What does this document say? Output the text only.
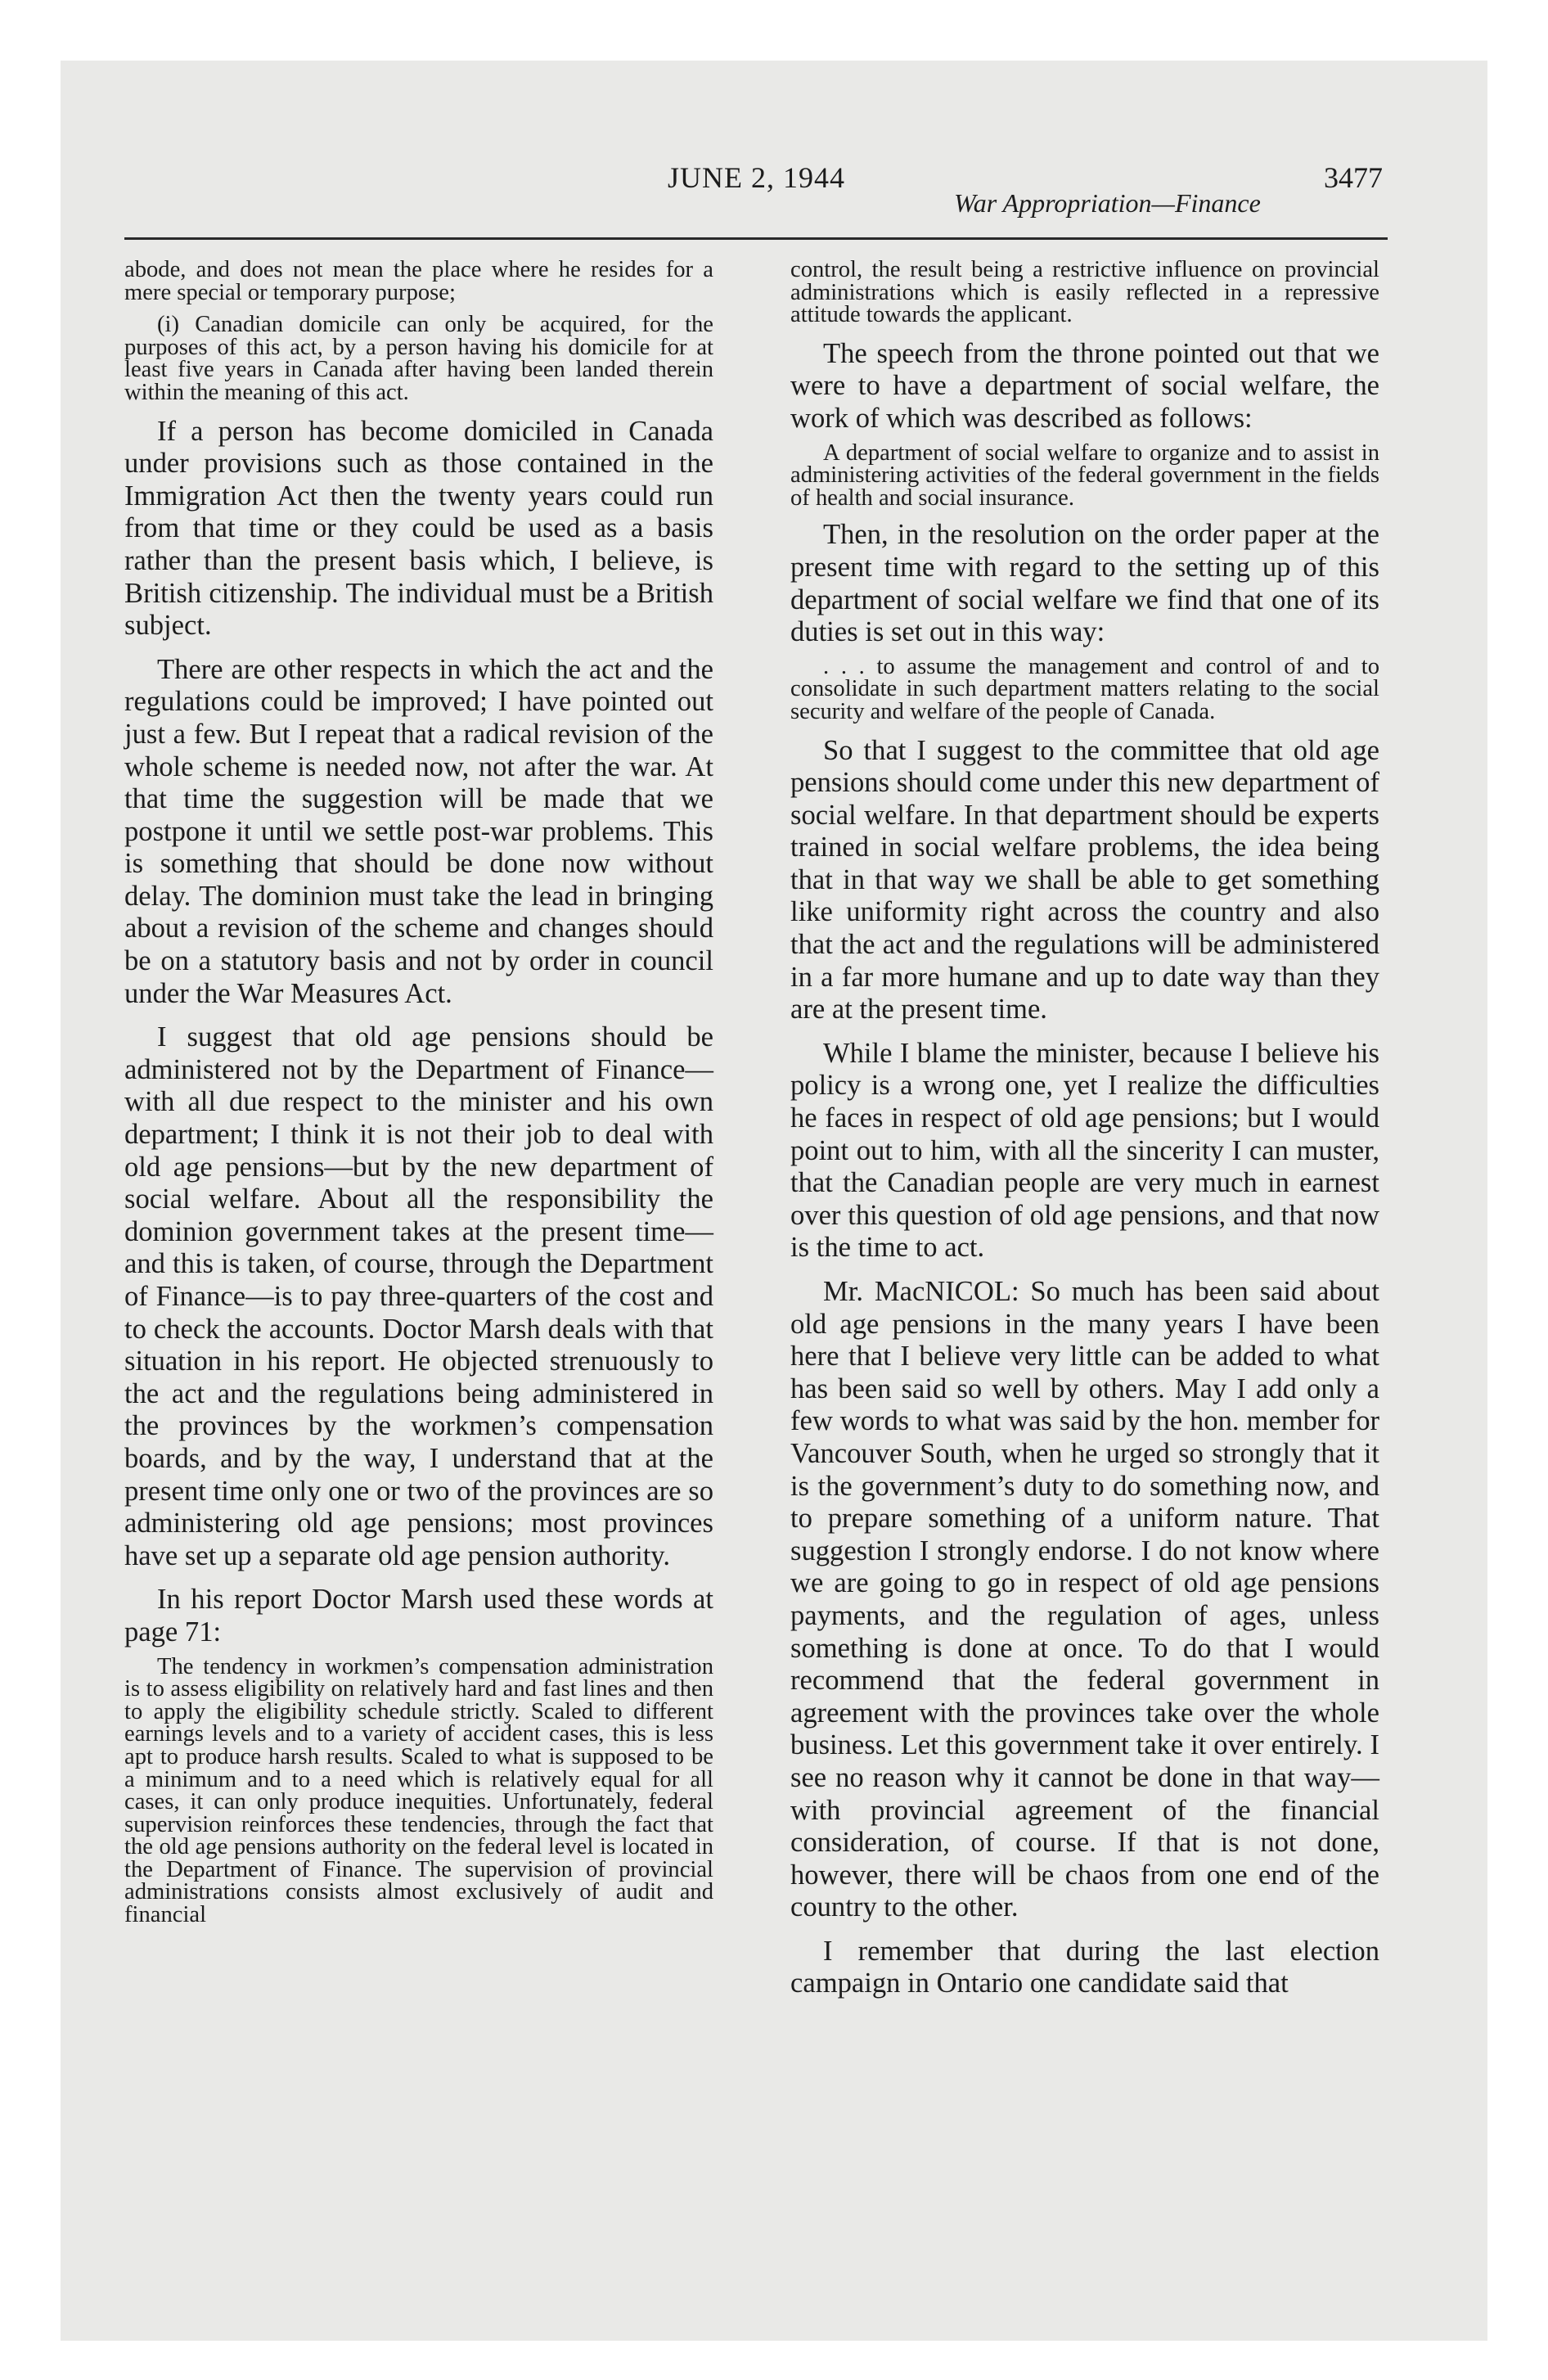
JUNE 2, 1944	3477
War Appropriation—Finance

abode, and does not mean the place where he resides for a mere special or temporary purpose;

(i) Canadian domicile can only be acquired, for the purposes of this act, by a person having his domicile for at least five years in Canada after having been landed therein within the meaning of this act.

If a person has become domiciled in Canada under provisions such as those contained in the Immigration Act then the twenty years could run from that time or they could be used as a basis rather than the present basis which, I believe, is British citizenship. The individual must be a British subject.

There are other respects in which the act and the regulations could be improved; I have pointed out just a few. But I repeat that a radical revision of the whole scheme is needed now, not after the war. At that time the suggestion will be made that we postpone it until we settle post-war problems. This is something that should be done now without delay. The dominion must take the lead in bringing about a revision of the scheme and changes should be on a statutory basis and not by order in council under the War Measures Act.

I suggest that old age pensions should be administered not by the Department of Finance—with all due respect to the minister and his own department; I think it is not their job to deal with old age pensions—but by the new department of social welfare. About all the responsibility the dominion government takes at the present time—and this is taken, of course, through the Department of Finance—is to pay three-quarters of the cost and to check the accounts. Doctor Marsh deals with that situation in his report. He objected strenuously to the act and the regulations being administered in the provinces by the workmen’s compensation boards, and by the way, I understand that at the present time only one or two of the provinces are so administering old age pensions; most provinces have set up a separate old age pension authority.

In his report Doctor Marsh used these words at page 71:

The tendency in workmen’s compensation administration is to assess eligibility on relatively hard and fast lines and then to apply the eligibility schedule strictly. Scaled to different earnings levels and to a variety of accident cases, this is less apt to produce harsh results. Scaled to what is supposed to be a minimum and to a need which is relatively equal for all cases, it can only produce inequities. Unfortunately, federal supervision reinforces these tendencies, through the fact that the old age pensions authority on the federal level is located in the Department of Finance. The supervision of provincial administrations consists almost exclusively of audit and financial

control, the result being a restrictive influence on provincial administrations which is easily reflected in a repressive attitude towards the applicant.

The speech from the throne pointed out that we were to have a department of social welfare, the work of which was described as follows:

A department of social welfare to organize and to assist in administering activities of the federal government in the fields of health and social insurance.

Then, in the resolution on the order paper at the present time with regard to the setting up of this department of social welfare we find that one of its duties is set out in this way:

. . . to assume the management and control of and to consolidate in such department matters relating to the social security and welfare of the people of Canada.

So that I suggest to the committee that old age pensions should come under this new department of social welfare. In that department should be experts trained in social welfare problems, the idea being that in that way we shall be able to get something like uniformity right across the country and also that the act and the regulations will be administered in a far more humane and up to date way than they are at the present time.

While I blame the minister, because I believe his policy is a wrong one, yet I realize the difficulties he faces in respect of old age pensions; but I would point out to him, with all the sincerity I can muster, that the Canadian people are very much in earnest over this question of old age pensions, and that now is the time to act.

Mr. MacNICOL: So much has been said about old age pensions in the many years I have been here that I believe very little can be added to what has been said so well by others. May I add only a few words to what was said by the hon. member for Vancouver South, when he urged so strongly that it is the government’s duty to do something now, and to prepare something of a uniform nature. That suggestion I strongly endorse. I do not know where we are going to go in respect of old age pensions payments, and the regulation of ages, unless something is done at once. To do that I would recommend that the federal government in agreement with the provinces take over the whole business. Let this government take it over entirely. I see no reason why it cannot be done in that way—with provincial agreement of the financial consideration, of course. If that is not done, however, there will be chaos from one end of the country to the other.

I remember that during the last election campaign in Ontario one candidate said that
